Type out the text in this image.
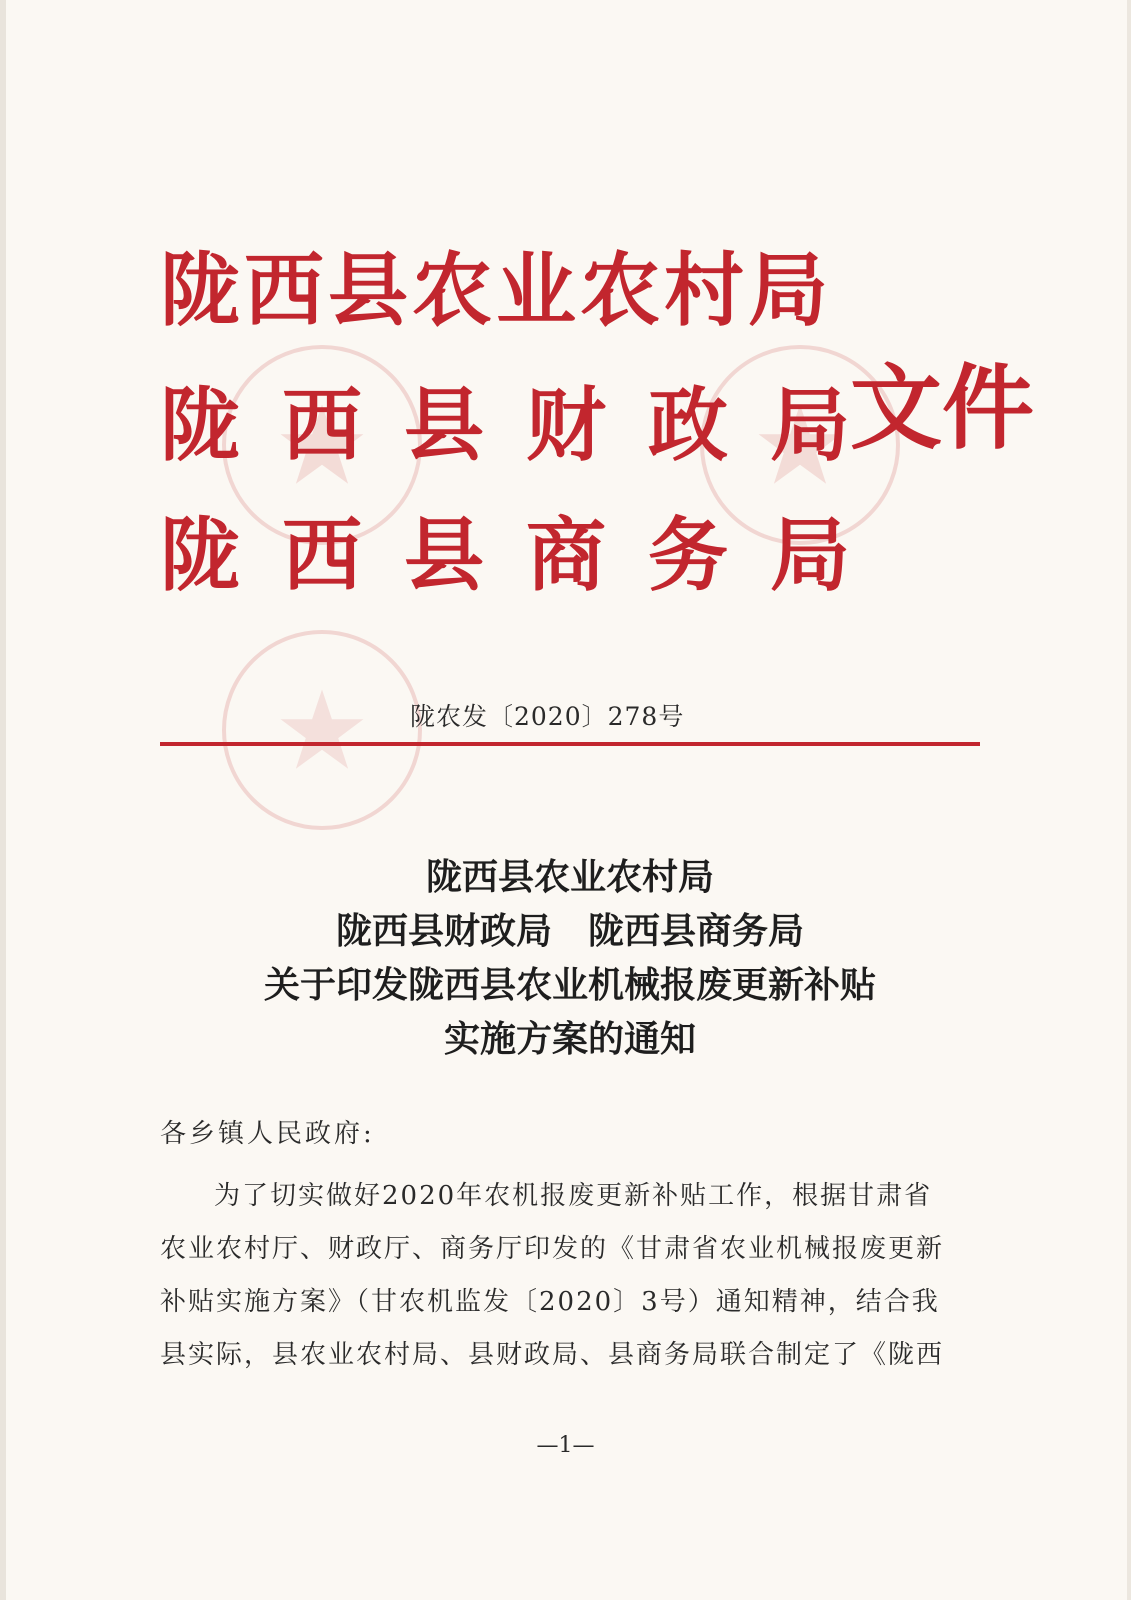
陇西县农业农村局
陇 西 县 财 政 局 文件
陇 西 县 商 务 局
陇农发〔2020〕278号
陇西县农业农村局
陇西县财政局　陇西县商务局
关于印发陇西县农业机械报废更新补贴
实施方案的通知
各乡镇人民政府:
为了切实做好2020年农机报废更新补贴工作，根据甘肃省
农业农村厅、财政厅、商务厅印发的《甘肃省农业机械报废更新
补贴实施方案》（甘农机监发〔2020〕3号）通知精神，结合我
县实际，县农业农村局、县财政局、县商务局联合制定了《陇西
—1—
